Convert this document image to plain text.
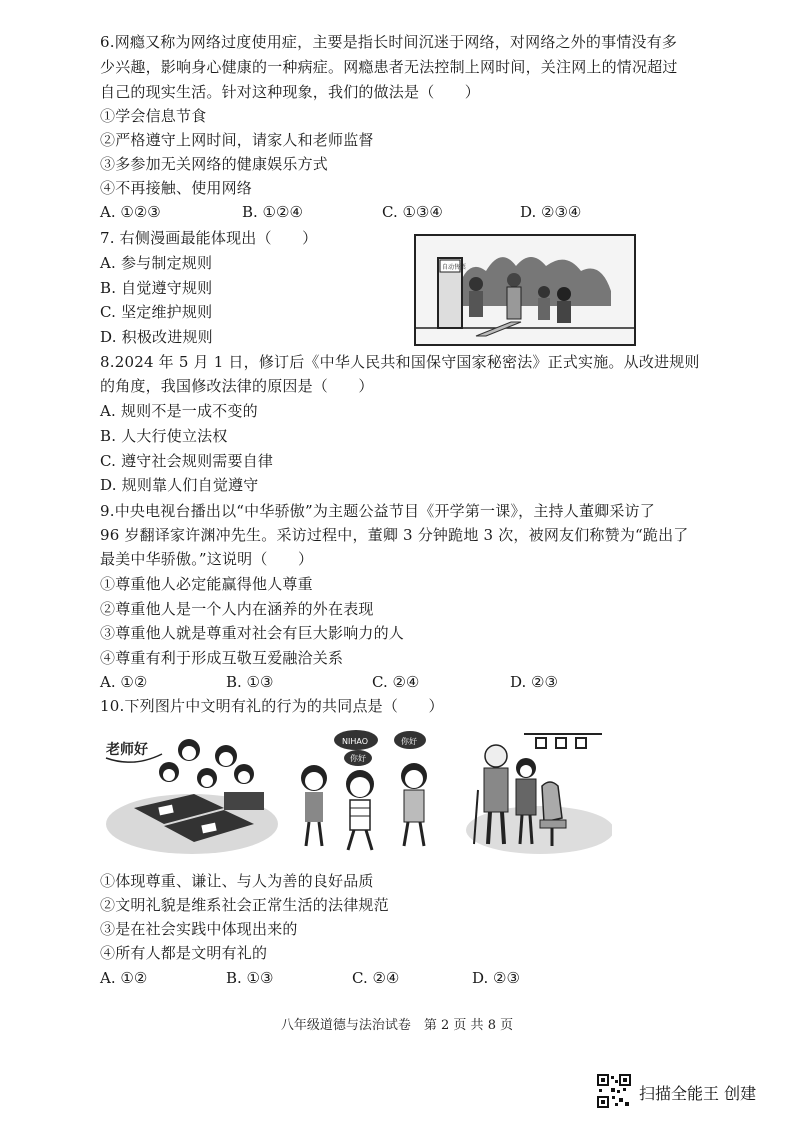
6.网瘾又称为网络过度使用症，主要是指长时间沉迷于网络，对网络之外的事情没有多
少兴趣，影响身心健康的一种病症。网瘾患者无法控制上网时间，关注网上的情况超过
自己的现实生活。针对这种现象，我们的做法是（　　）
①学会信息节食
②严格遵守上网时间，请家人和老师监督
③多参加无关网络的健康娱乐方式
④不再接触、使用网络
A. ①②③	B. ①②④	C. ①③④	D. ②③④
7. 右侧漫画最能体现出（　　）
A. 参与制定规则
B. 自觉遵守规则
C. 坚定维护规则
D. 积极改进规则
自动售票
8.2024 年 5 月 1 日，修订后《中华人民共和国保守国家秘密法》正式实施。从改进规则
的角度，我国修改法律的原因是（　　）
A. 规则不是一成不变的
B. 人大行使立法权
C. 遵守社会规则需要自律
D. 规则靠人们自觉遵守
9.中央电视台播出以“中华骄傲”为主题公益节目《开学第一课》，主持人董卿采访了
96 岁翻译家许渊冲先生。采访过程中，董卿 3 分钟跪地 3 次，被网友们称赞为“跪出了
最美中华骄傲。”这说明（　　）
①尊重他人必定能赢得他人尊重
②尊重他人是一个人内在涵养的外在表现
③尊重他人就是尊重对社会有巨大影响力的人
④尊重有利于形成互敬互爱融洽关系
A. ①②	B. ①③	C. ②④	D. ②③
10.下列图片中文明有礼的行为的共同点是（　　）
老师好
NIHAO
你好
你好
①体现尊重、谦让、与人为善的良好品质
②文明礼貌是维系社会正常生活的法律规范
③是在社会实践中体现出来的
④所有人都是文明有礼的
A. ①②	B. ①③	C. ②④	D. ②③
八年级道德与法治试卷　第 2 页 共 8 页
扫描全能王 创建
